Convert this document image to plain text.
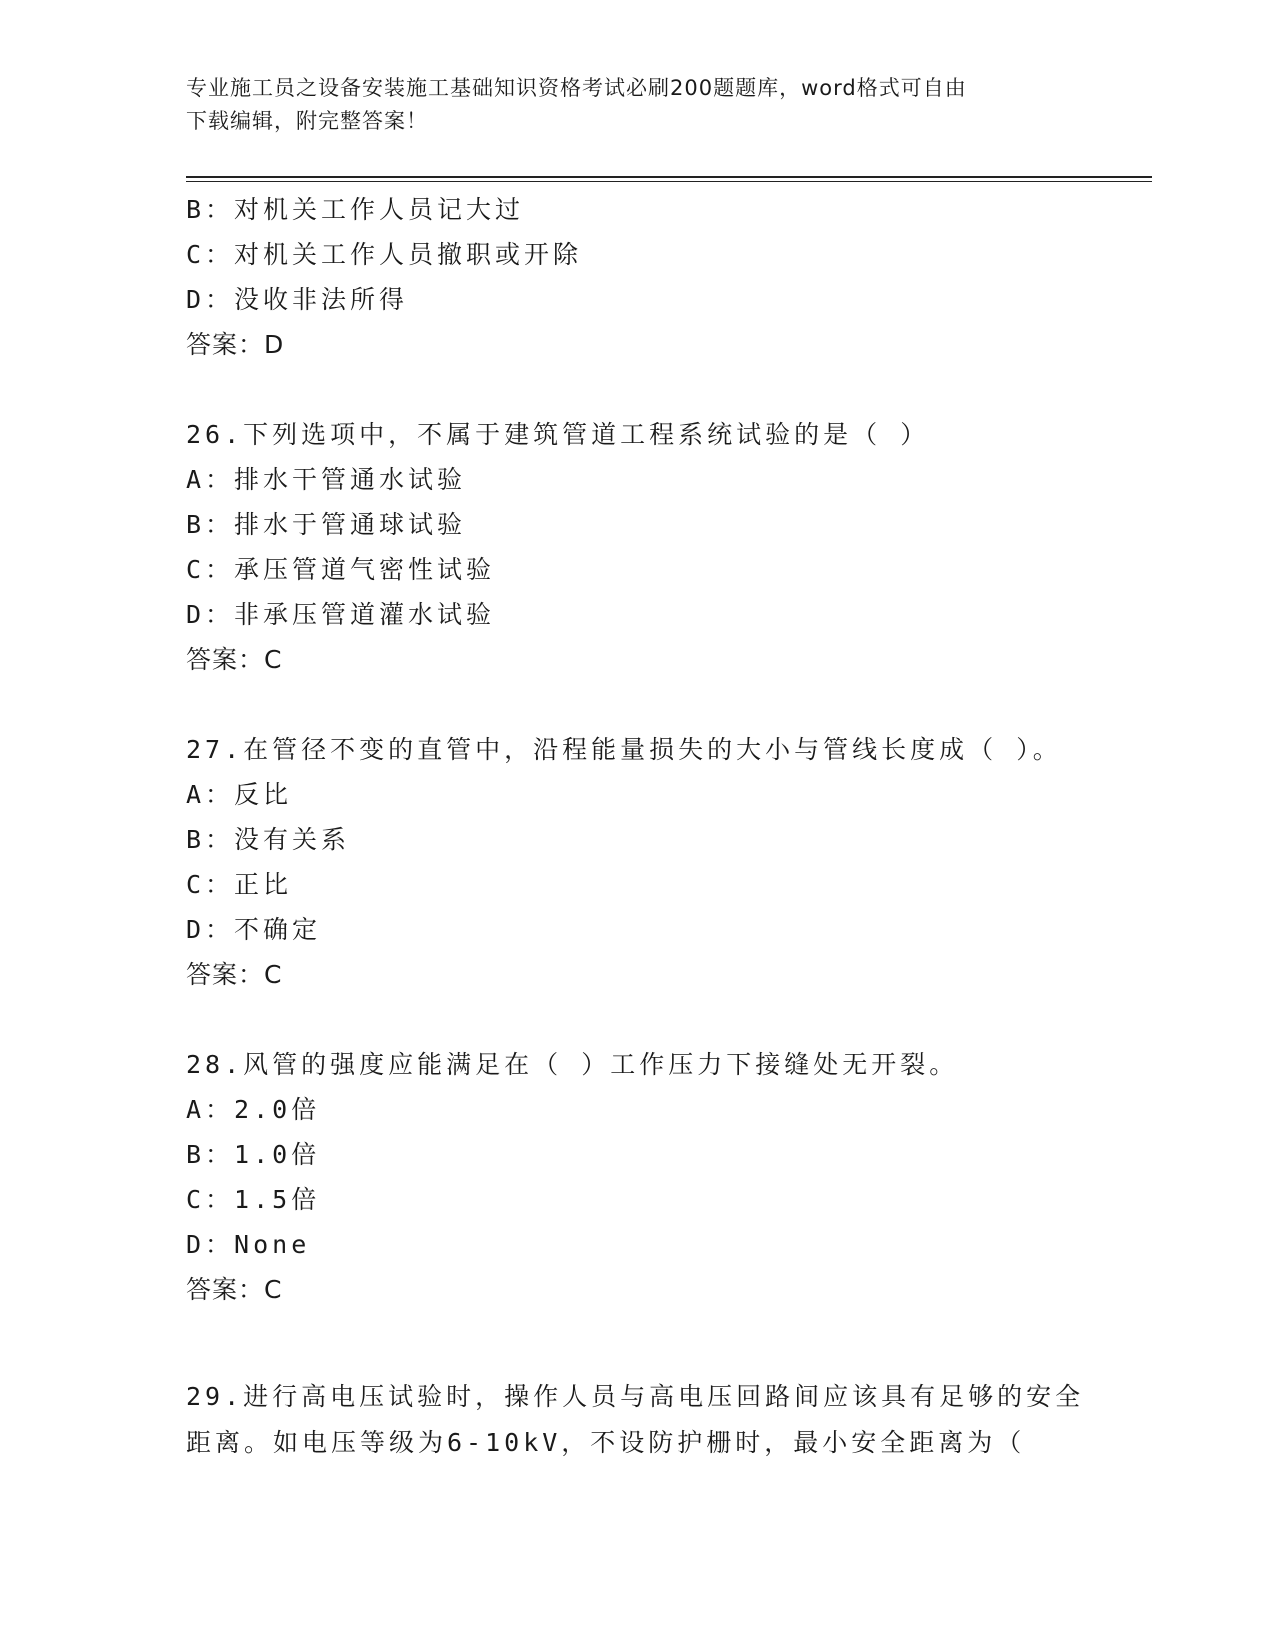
专业施工员之设备安装施工基础知识资格考试必刷200题题库，word格式可自由
下载编辑，附完整答案！
B：对机关工作人员记大过
C：对机关工作人员撤职或开除
D：没收非法所得
答案：D
26.下列选项中，不属于建筑管道工程系统试验的是（ ）
A：排水干管通水试验
B：排水于管通球试验
C：承压管道气密性试验
D：非承压管道灌水试验
答案：C
27.在管径不变的直管中，沿程能量损失的大小与管线长度成（ ）。
A：反比
B：没有关系
C：正比
D：不确定
答案：C
28.风管的强度应能满足在（ ）工作压力下接缝处无开裂。
A：2.0倍
B：1.0倍
C：1.5倍
D：None
答案：C
29.进行高电压试验时，操作人员与高电压回路间应该具有足够的安全
距离。如电压等级为6-10kV，不设防护栅时，最小安全距离为（
